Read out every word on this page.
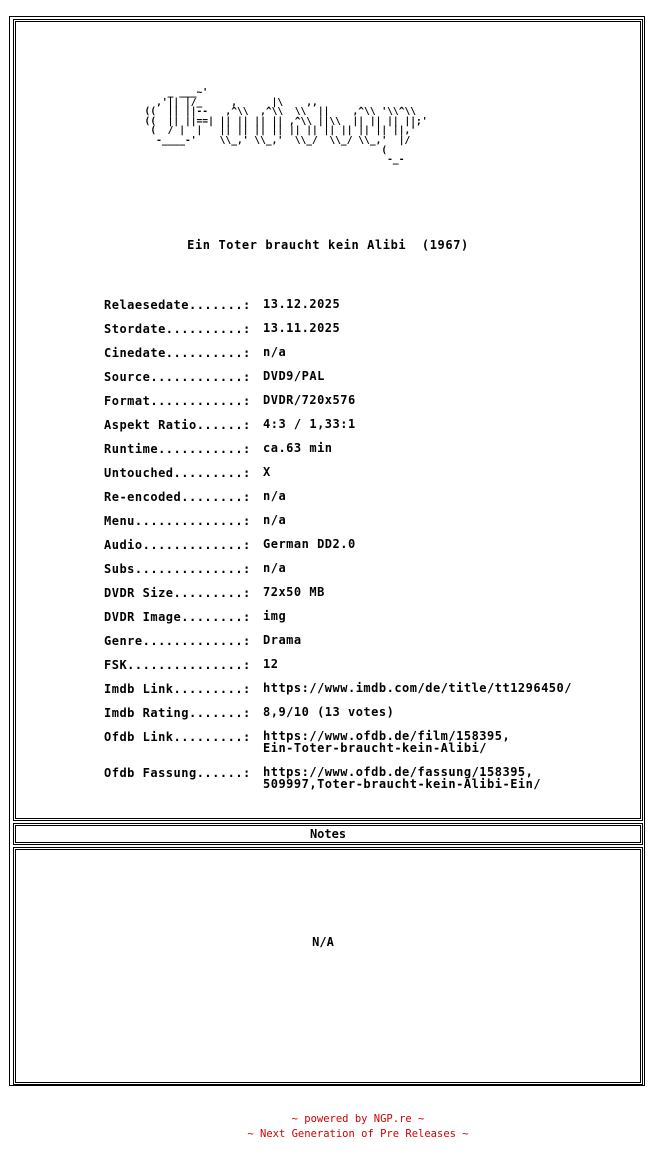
_ ___~'
,'|| |/_     ,      |\    ,,
((  || ||--   ,^\\  ,^\\  \\  ||    ,^\\ '\\^\\
((  || ||==| || || || || ,^\\ ||\\  || || || ||;'
(  / |  |   || || || || || || || || || || ||,'
-____-'    \\_,' \\_,'  \\_/  \\_/ \\_,'  |/
(
-_-
Ein Toter braucht kein Alibi  (1967)
Relaesedate.......:	13.12.2025
Stordate..........:	13.11.2025
Cinedate..........:	n/a
Source............:	DVD9/PAL
Format............:	DVDR/720x576
Aspekt Ratio......:	4:3 / 1,33:1
Runtime...........:	ca.63 min
Untouched.........:	X
Re-encoded........:	n/a
Menu..............:	n/a
Audio.............:	German DD2.0
Subs..............:	n/a
DVDR Size.........:	72x50 MB
DVDR Image........:	img
Genre.............:	Drama
FSK...............:	12
Imdb Link.........:	https://www.imdb.com/de/title/tt1296450/
Imdb Rating.......:	8,9/10 (13 votes)
Ofdb Link.........:	https://www.ofdb.de/film/158395,
Ein-Toter-braucht-kein-Alibi/
Ofdb Fassung......:	https://www.ofdb.de/fassung/158395,
509997,Toter-braucht-kein-Alibi-Ein/
Notes
N/A
~ powered by NGP.re ~
~ Next Generation of Pre Releases ~
